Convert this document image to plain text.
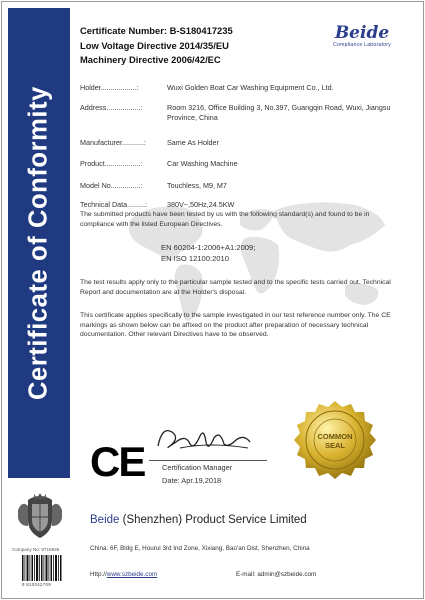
Certificate of Conformity
Certificate Number: B-S180417235
Low Voltage Directive 2014/35/EU
Machinery Directive 2006/42/EC
Beide
Compliance Laboratory
Holder..................:	Wuxi Golden Boat Car Washing Equipment Co., Ltd.
Address.................:	Room 3216, Office Building 3, No.397, Guangqin Road, Wuxi, Jiangsu Province, China
Manufacturer...........:	Same As Holder
Product..................:	Car Washing Machine
Model No...............:	Touchless, M9, M7
Technical Data.........:	380V~,50Hz,24.5KW
The submitted products have been tested by us with the following standard(s) and found to be in compliance with the listed European Directives.
EN 60204-1:2006+A1:2009;
EN ISO 12100:2010
The test results apply only to the particular sample tested and to the specific tests carried out. Technical Report and documentation are at the Holder's disposal.
This certificate applies specifically to the sample investigated in our test reference number only. The CE markings as shown below can be affixed on the product after preparation of necessary technical documentation. Other relevant Directives have to be observed.
CE Certification Manager
Date: Apr.19,2018
COMMON
SEAL
Company No: 9718836
9 810042709
Beide (Shenzhen) Product Service Limited
China: 6F, Bldg E, Hourui 3rd Ind Zone, Xixiang, Bao'an Dist, Shenzhen, China
Http://www.szbeide.com	E-mail: admin@szbeide.com
